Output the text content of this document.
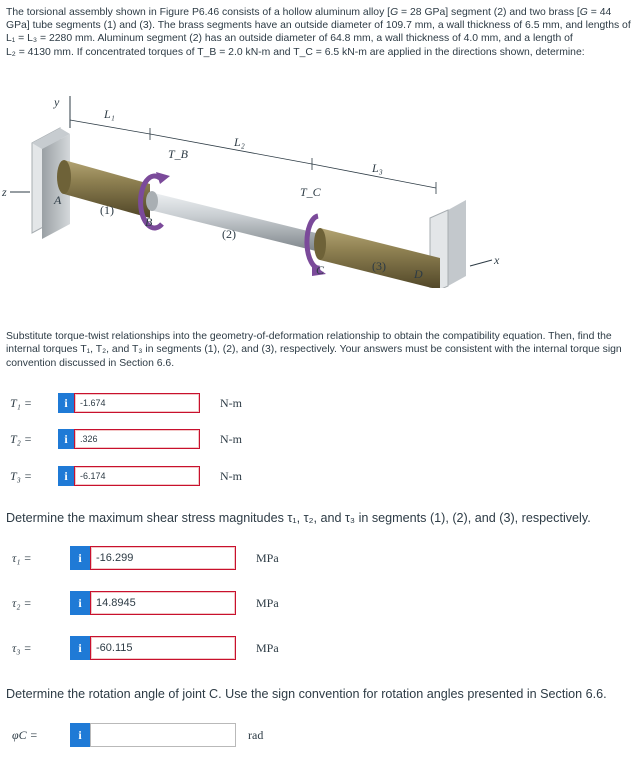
The torsional assembly shown in Figure P6.46 consists of a hollow aluminum alloy [G = 28 GPa] segment (2) and two brass [G = 44
GPa] tube segments (1) and (3). The brass segments have an outside diameter of 109.7 mm, a wall thickness of 6.5 mm, and lengths of
L₁ = L₃ = 2280 mm. Aluminum segment (2) has an outside diameter of 64.8 mm, a wall thickness of 4.0 mm, and a length of
L₂ = 4130 mm. If concentrated torques of T_B = 2.0 kN-m and T_C = 6.5 kN-m are applied in the directions shown, determine:
y
z
x
L₁
L₂
L₃
T_B
T_C
A
B
C	D
(1)
(2)
(3)
Substitute torque-twist relationships into the geometry-of-deformation relationship to obtain the compatibility equation. Then, find the internal torques T₁, T₂, and T₃ in segments (1), (2), and (3), respectively. Your answers must be consistent with the internal torque sign convention discussed in Section 6.6.
T₁ =	i
-1.674	N-m
T₂ =	i
.326	N-m
T₃ =	i
-6.174	N-m
Determine the maximum shear stress magnitudes τ₁, τ₂, and τ₃ in segments (1), (2), and (3), respectively.
τ₁ =	i
-16.299	MPa
τ₂ =	i
14.8945	MPa
τ₃ =	i
-60.115	MPa
Determine the rotation angle of joint C. Use the sign convention for rotation angles presented in Section 6.6.
φC =	i	rad
